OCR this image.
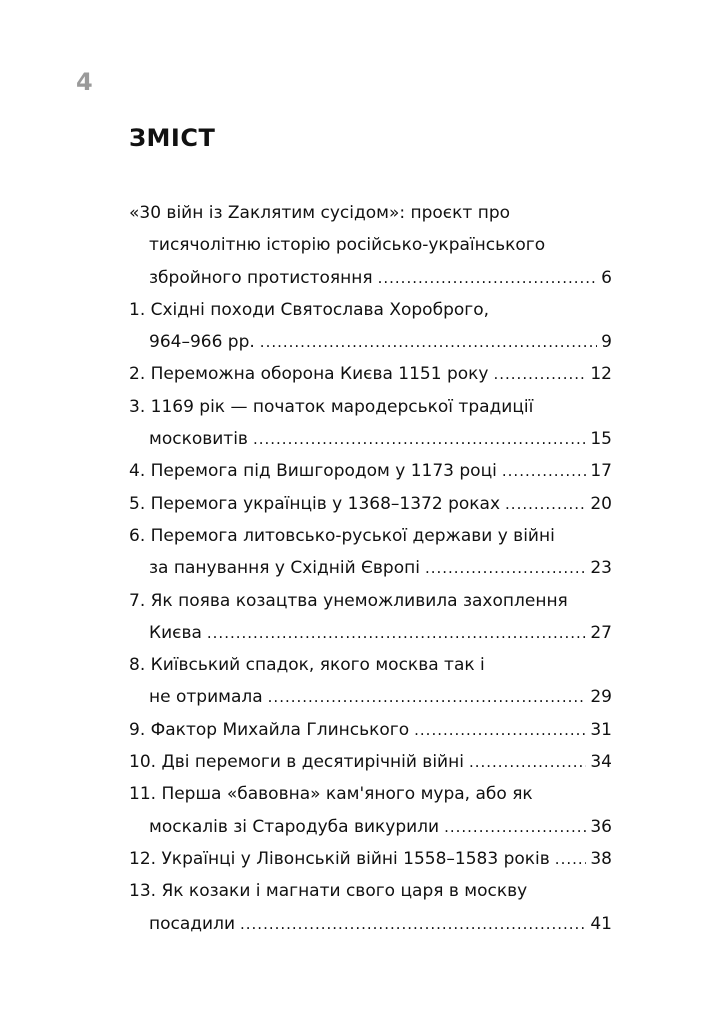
4
ЗМІСТ
«30 війн із Zаклятим сусідом»: проєкт про
тисячолітню історію російсько-українського
збройного протистояння .....	6
1. Східні походи Святослава Хороброго,
964–966 рр. .....	9
2. Переможна оборона Києва 1151 року .....	12
3. 1169 рік — початок мародерської традиції
московитів .....	15
4. Перемога під Вишгородом у 1173 році .....	17
5. Перемога українців у 1368–1372 роках .....	20
6. Перемога литовсько-руської держави у війні
за панування у Східній Європі .....	23
7. Як поява козацтва унеможливила захоплення
Києва .....	27
8. Київський спадок, якого москва так і
не отримала .....	29
9. Фактор Михайла Глинського .....	31
10. Дві перемоги в десятирічній війні .....	34
11. Перша «бавовна» кам'яного мура, або як
москалів зі Стародуба викурили .....	36
12. Українці у Лівонській війні 1558–1583 років ..... 38
13. Як козаки і магнати свого царя в москву
посадили .....	41
